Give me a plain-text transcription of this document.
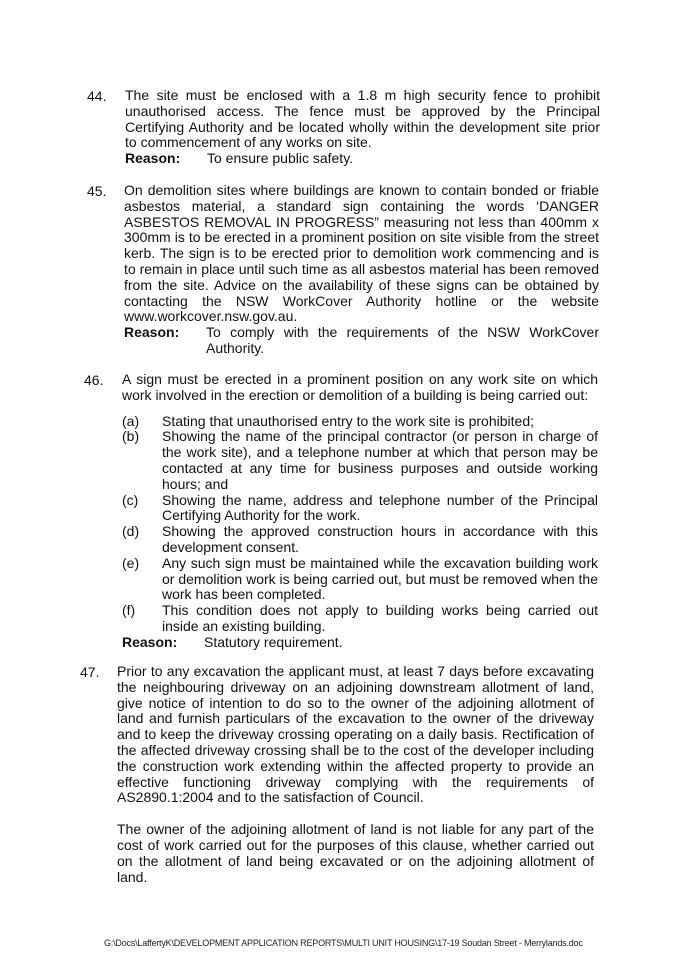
44. The site must be enclosed with a 1.8 m high security fence to prohibit unauthorised access. The fence must be approved by the Principal Certifying Authority and be located wholly within the development site prior to commencement of any works on site.

Reason:	To ensure public safety.
45. On demolition sites where buildings are known to contain bonded or friable asbestos material, a standard sign containing the words ‘DANGER ASBESTOS REMOVAL IN PROGRESS” measuring not less than 400mm x 300mm is to be erected in a prominent position on site visible from the street kerb. The sign is to be erected prior to demolition work commencing and is to remain in place until such time as all asbestos material has been removed from the site. Advice on the availability of these signs can be obtained by contacting the NSW WorkCover Authority hotline or the website www.workcover.nsw.gov.au.

Reason:	To comply with the requirements of the NSW WorkCover Authority.
46. A sign must be erected in a prominent position on any work site on which work involved in the erection or demolition of a building is being carried out:

(a)	Stating that unauthorised entry to the work site is prohibited;
(b)	Showing the name of the principal contractor (or person in charge of the work site), and a telephone number at which that person may be contacted at any time for business purposes and outside working hours; and
(c)	Showing the name, address and telephone number of the Principal Certifying Authority for the work.
(d)	Showing the approved construction hours in accordance with this development consent.
(e)	Any such sign must be maintained while the excavation building work or demolition work is being carried out, but must be removed when the work has been completed.
(f)	This condition does not apply to building works being carried out inside an existing building.
Reason:	Statutory requirement.
47. Prior to any excavation the applicant must, at least 7 days before excavating the neighbouring driveway on an adjoining downstream allotment of land, give notice of intention to do so to the owner of the adjoining allotment of land and furnish particulars of the excavation to the owner of the driveway and to keep the driveway crossing operating on a daily basis. Rectification of the affected driveway crossing shall be to the cost of the developer including the construction work extending within the affected property to provide an effective functioning driveway complying with the requirements of AS2890.1:2004 and to the satisfaction of Council.

The owner of the adjoining allotment of land is not liable for any part of the cost of work carried out for the purposes of this clause, whether carried out on the allotment of land being excavated or on the adjoining allotment of land.

G:\Docs\LaffertyK\DEVELOPMENT APPLICATION REPORTS\MULTI UNIT HOUSING\17-19 Soudan Street - Merrylands.doc
